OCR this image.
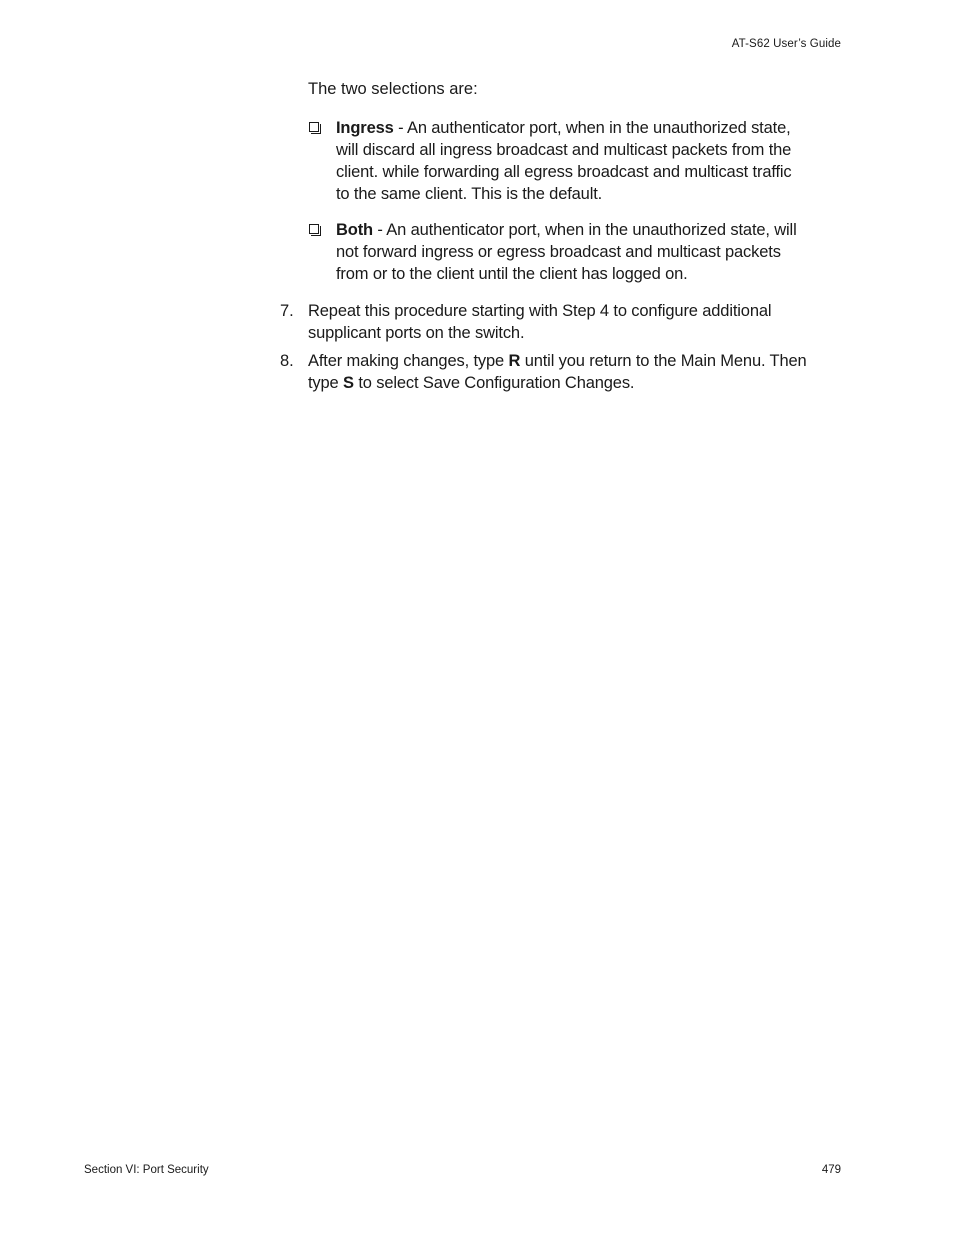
AT-S62 User’s Guide
The two selections are:
Ingress - An authenticator port, when in the unauthorized state,
will discard all ingress broadcast and multicast packets from the
client. while forwarding all egress broadcast and multicast traffic
to the same client. This is the default.
Both - An authenticator port, when in the unauthorized state, will
not forward ingress or egress broadcast and multicast packets
from or to the client until the client has logged on.
7. Repeat this procedure starting with Step 4 to configure additional
supplicant ports on the switch.
8. After making changes, type R until you return to the Main Menu. Then
type S to select Save Configuration Changes.
Section VI: Port Security	479
